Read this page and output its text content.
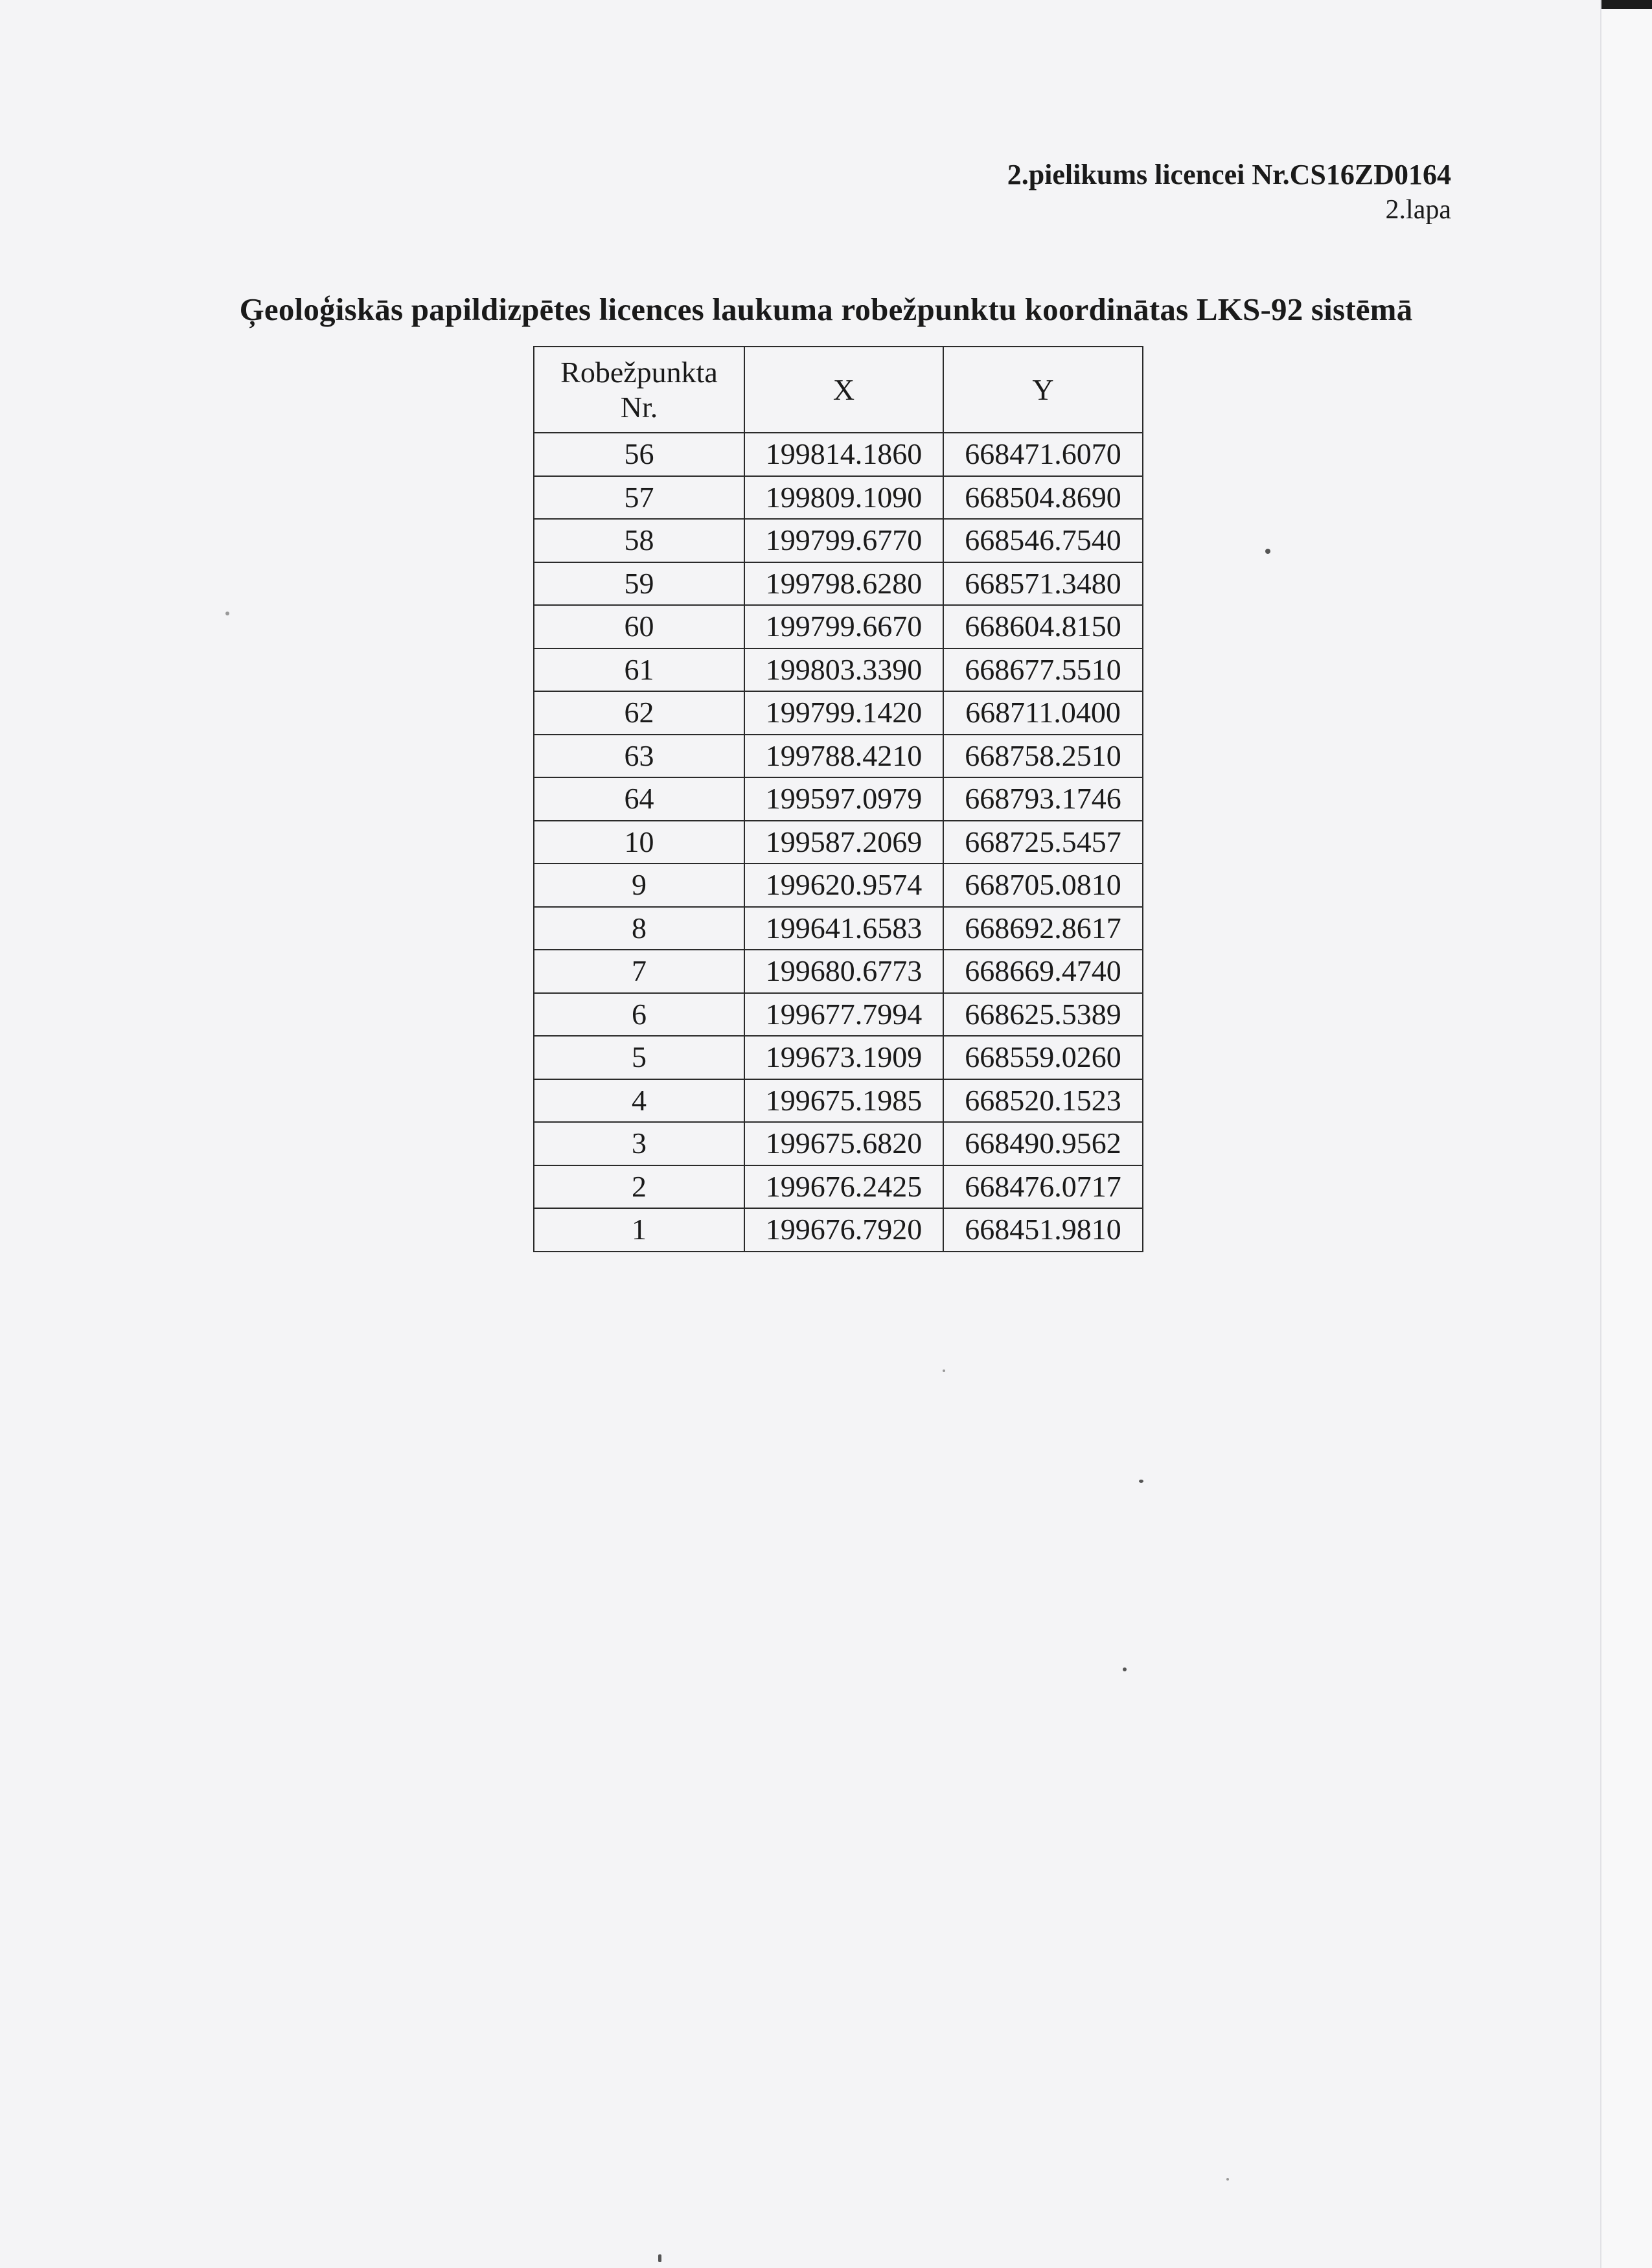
2.pielikums licencei Nr.CS16ZD0164
2.lapa
Ģeoloģiskās papildizpētes licences laukuma robežpunktu koordinātas LKS-92 sistēmā
Robežpunkta
Nr.	X	Y
56	199814.1860	668471.6070
57	199809.1090	668504.8690
58	199799.6770	668546.7540
59	199798.6280	668571.3480
60	199799.6670	668604.8150
61	199803.3390	668677.5510
62	199799.1420	668711.0400
63	199788.4210	668758.2510
64	199597.0979	668793.1746
10	199587.2069	668725.5457
9	199620.9574	668705.0810
8	199641.6583	668692.8617
7	199680.6773	668669.4740
6	199677.7994	668625.5389
5	199673.1909	668559.0260
4	199675.1985	668520.1523
3	199675.6820	668490.9562
2	199676.2425	668476.0717
1	199676.7920	668451.9810
